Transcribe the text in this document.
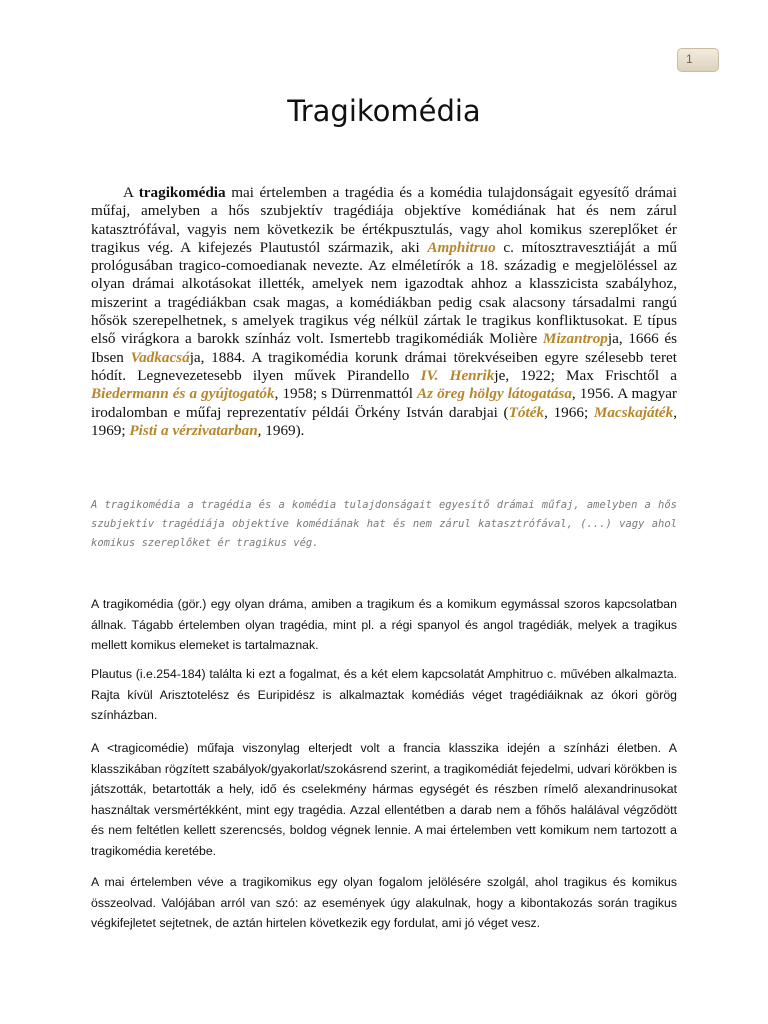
1
Tragikomédia

A tragikomédia mai értelemben a tragédia és a komédia tulajdonságait egyesítő drámai műfaj, amelyben a hős szubjektív tragédiája objektíve komédiának hat és nem zárul katasztrófával, vagyis nem következik be értékpusztulás, vagy ahol komikus szereplőket ér tragikus vég. A kifejezés Plautustól származik, aki Amphitruo c. mítosztravesztiáját a mű prológusában tragico-comoedianak nevezte. Az elméletírók a 18. századig e megjelöléssel az olyan drámai alkotásokat illették, amelyek nem igazodtak ahhoz a klasszicista szabályhoz, miszerint a tragédiákban csak magas, a komédiákban pedig csak alacsony társadalmi rangú hősök szerepelhetnek, s amelyek tragikus vég nélkül zártak le tragikus konfliktusokat. E típus első virágkora a barokk színház volt. Ismertebb tragikomédiák Molière Mizantropja, 1666 és Ibsen Vadkacsája, 1884. A tragikomédia korunk drámai törekvéseiben egyre szélesebb teret hódít. Legnevezetesebb ilyen művek Pirandello IV. Henrikje, 1922; Max Frischtől a Biedermann és a gyújtogatók, 1958; s Dürrenmattól Az öreg hölgy látogatása, 1956. A magyar irodalomban e műfaj reprezentatív példái Örkény István darabjai (Tóték, 1966; Macskajáték, 1969; Pisti a vérzivatarban, 1969).

A tragikomédia a tragédia és a komédia tulajdonságait egyesítő drámai műfaj, amelyben a hős szubjektív tragédiája objektíve komédiának hat és nem zárul katasztrófával, (...) vagy ahol komikus szereplőket ér tragikus vég.

A tragikomédia (gör.) egy olyan dráma, amiben a tragikum és a komikum egymással szoros kapcsolatban állnak. Tágabb értelemben olyan tragédia, mint pl. a régi spanyol és angol tragédiák, melyek a tragikus mellett komikus elemeket is tartalmaznak.

Plautus (i.e.254-184) találta ki ezt a fogalmat, és a két elem kapcsolatát Amphitruo c. művében alkalmazta. Rajta kívül Arisztotelész és Euripidész is alkalmaztak komédiás véget tragédiáiknak az ókori görög színházban.

A <tragicomédie) műfaja viszonylag elterjedt volt a francia klasszika idején a színházi életben. A klasszikában rögzített szabályok/gyakorlat/szokásrend szerint, a tragikomédiát fejedelmi, udvari körökben is játszották, betartották a hely, idő és cselekmény hármas egységét és részben rímelő alexandrinusokat használtak versmértékként, mint egy tragédia. Azzal ellentétben a darab nem a főhős halálával végződött és nem feltétlen kellett szerencsés, boldog végnek lennie. A mai értelemben vett komikum nem tartozott a tragikomédia keretébe.

A mai értelemben véve a tragikomikus egy olyan fogalom jelölésére szolgál, ahol tragikus és komikus összeolvad. Valójában arról van szó: az események úgy alakulnak, hogy a kibontakozás során tragikus végkifejletet sejtetnek, de aztán hirtelen következik egy fordulat, ami jó véget vesz.
